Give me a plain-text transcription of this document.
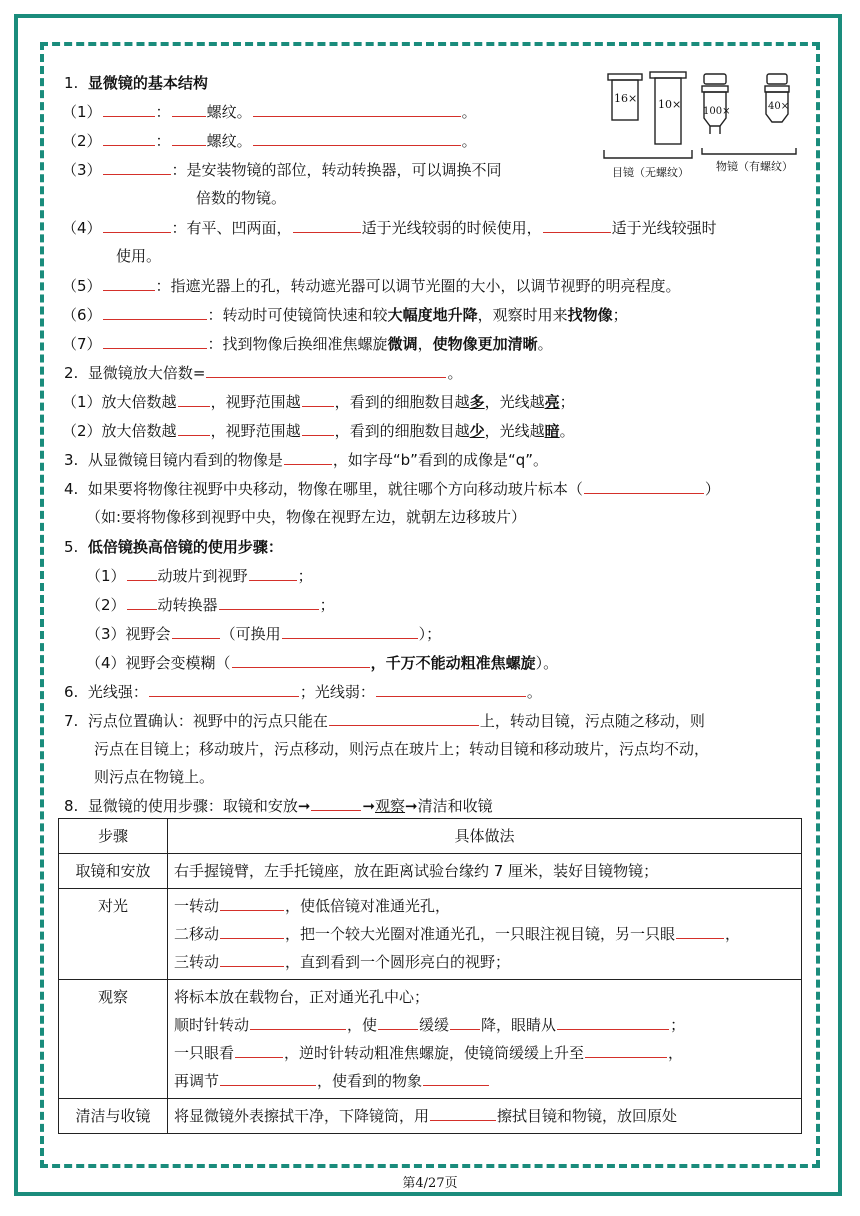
16× 10×
100×	40×
目镜（无螺纹） 物镜（有螺纹）
1. 显微镜的基本结构
（1）	： 螺纹。	。
（2）	： 螺纹。	。
（3）	：是安装物镜的部位，转动转换器，可以调换不同
倍数的物镜。
（4）	：有平、凹两面，	适于光线较弱的时候使用，	适于光线较强时
使用。
（5）	：指遮光器上的孔，转动遮光器可以调节光圈的大小，以调节视野的明亮程度。
（6）	：转动时可使镜筒快速和较大幅度地升降，观察时用来找物像；
（7）	：找到物像后换细准焦螺旋微调，使物像更加清晰。
2. 显微镜放大倍数=	。
（1）放大倍数越 ，视野范围越 ，看到的细胞数目越多，光线越亮；
（2）放大倍数越 ，视野范围越 ，看到的细胞数目越少，光线越暗。
3. 从显微镜目镜内看到的物像是	，如字母“b”看到的成像是“q”。
4. 如果要将物像往视野中央移动，物像在哪里，就往哪个方向移动玻片标本（	）
（如:要将物像移到视野中央，物像在视野左边，就朝左边移玻片）
5. 低倍镜换高倍镜的使用步骤：
（1） 动玻片到视野	；
（2） 动转换器	；
（3）视野会	（可换用	）；
（4）视野会变模糊（	，千万不能动粗准焦螺旋）。
6. 光线强：	；光线弱：	。
7. 污点位置确认：视野中的污点只能在	上，转动目镜，污点随之移动，则
污点在目镜上；移动玻片，污点移动，则污点在玻片上；转动目镜和移动玻片，污点均不动，
则污点在物镜上。
8. 显微镜的使用步骤：取镜和安放➞	➞观察➞清洁和收镜
步骤	具体做法
取镜和安放	右手握镜臂，左手托镜座，放在距离试验台缘约 7 厘米，装好目镜物镜；
对光	一转动 ，使低倍镜对准通光孔，
二移动 ，把一个较大光圈对准通光孔，一只眼注视目镜，另一只眼 ，
三转动 ，直到看到一个圆形亮白的视野；

观察	将标本放在载物台，正对通光孔中心；
顺时针转动 ，使 缓缓 降，眼睛从 ；
一只眼看 ，逆时针转动粗准焦螺旋，使镜筒缓缓上升至 ，
再调节 ，使看到的物象

清洁与收镜	将显微镜外表擦拭干净，下降镜筒，用 擦拭目镜和物镜，放回原处
第4/27页
